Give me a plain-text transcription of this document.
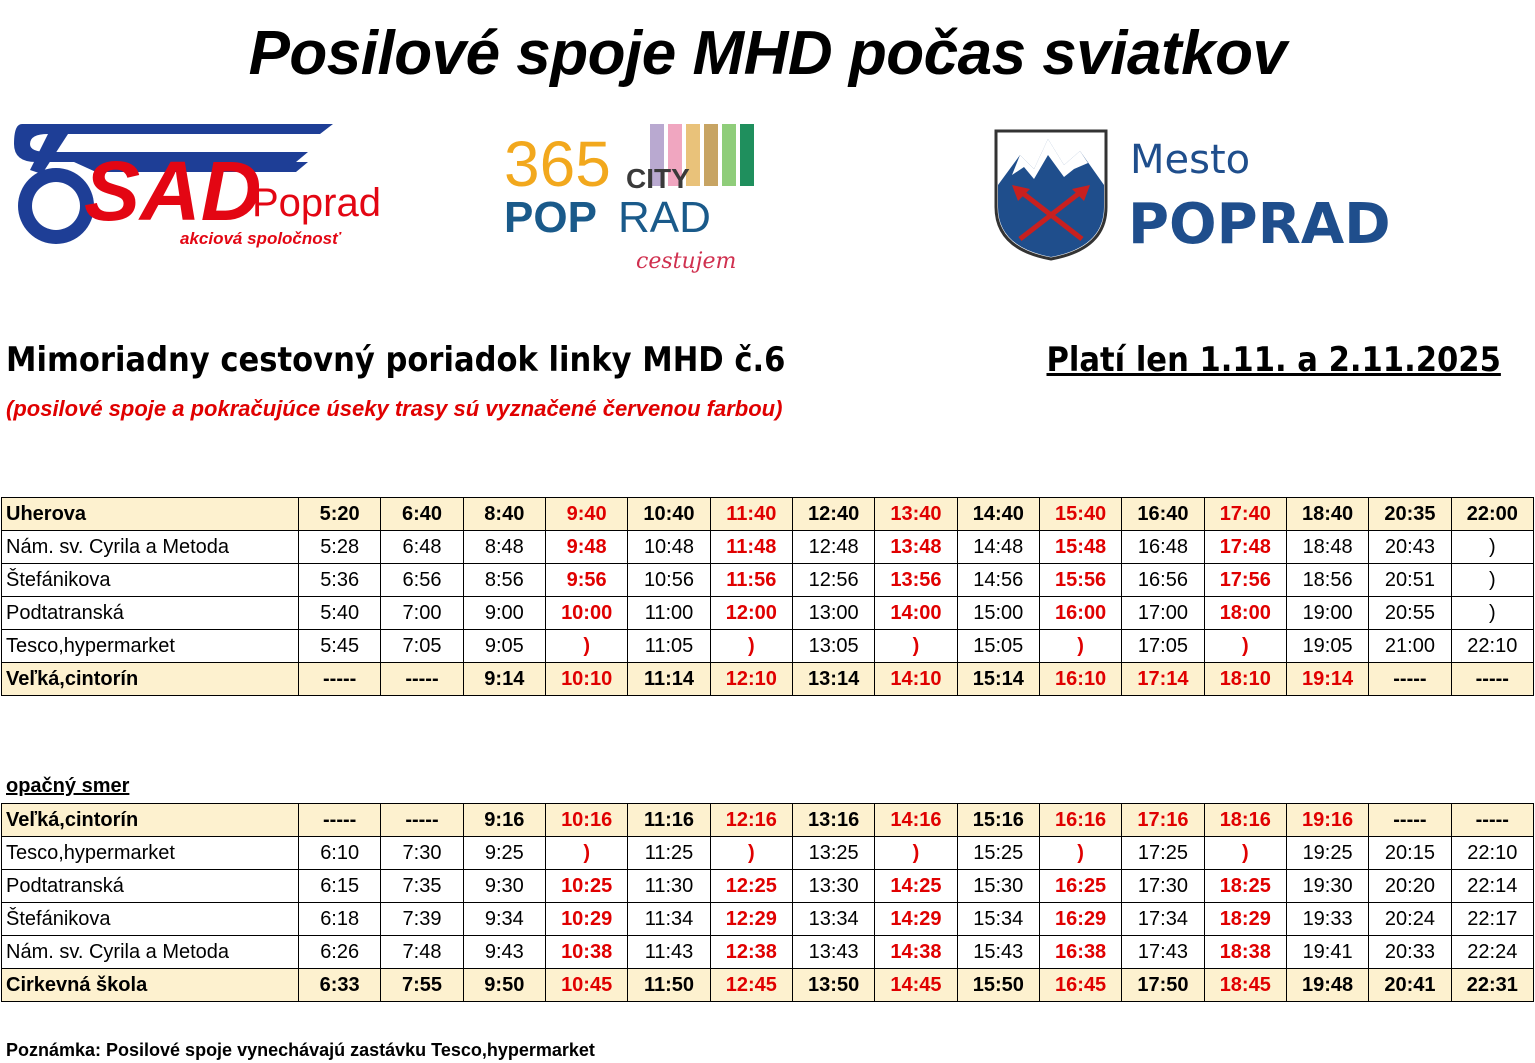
Posilové spoje MHD počas sviatkov
SAD
Poprad
akciová spoločnosť
365 CITY
POP RAD
cestujem
Mesto
POPRAD
Mimoriadny cestovný poriadok linky MHD č.6	Platí len 1.11. a 2.11.2025
(posilové spoje a pokračujúce úseky trasy sú vyznačené červenou farbou)
Uherova	5:20	6:40	8:40	9:40	10:40	11:40	12:40	13:40	14:40	15:40	16:40	17:40	18:40	20:35	22:00
Nám. sv. Cyrila a Metoda	5:28	6:48	8:48	9:48	10:48	11:48	12:48	13:48	14:48	15:48	16:48	17:48	18:48	20:43	)
Štefánikova	5:36	6:56	8:56	9:56	10:56	11:56	12:56	13:56	14:56	15:56	16:56	17:56	18:56	20:51	)
Podtatranská	5:40	7:00	9:00	10:00	11:00	12:00	13:00	14:00	15:00	16:00	17:00	18:00	19:00	20:55	)
Tesco,hypermarket	5:45	7:05	9:05	)	11:05	)	13:05	)	15:05	)	17:05	)	19:05	21:00	22:10
Veľká,cintorín	-----	-----	9:14	10:10	11:14	12:10	13:14	14:10	15:14	16:10	17:14	18:10	19:14	-----	-----
opačný smer
Veľká,cintorín	-----	-----	9:16	10:16	11:16	12:16	13:16	14:16	15:16	16:16	17:16	18:16	19:16	-----	-----
Tesco,hypermarket	6:10	7:30	9:25	)	11:25	)	13:25	)	15:25	)	17:25	)	19:25	20:15	22:10
Podtatranská	6:15	7:35	9:30	10:25	11:30	12:25	13:30	14:25	15:30	16:25	17:30	18:25	19:30	20:20	22:14
Štefánikova	6:18	7:39	9:34	10:29	11:34	12:29	13:34	14:29	15:34	16:29	17:34	18:29	19:33	20:24	22:17
Nám. sv. Cyrila a Metoda	6:26	7:48	9:43	10:38	11:43	12:38	13:43	14:38	15:43	16:38	17:43	18:38	19:41	20:33	22:24
Cirkevná škola	6:33	7:55	9:50	10:45	11:50	12:45	13:50	14:45	15:50	16:45	17:50	18:45	19:48	20:41	22:31
Poznámka: Posilové spoje vynechávajú zastávku Tesco,hypermarket
